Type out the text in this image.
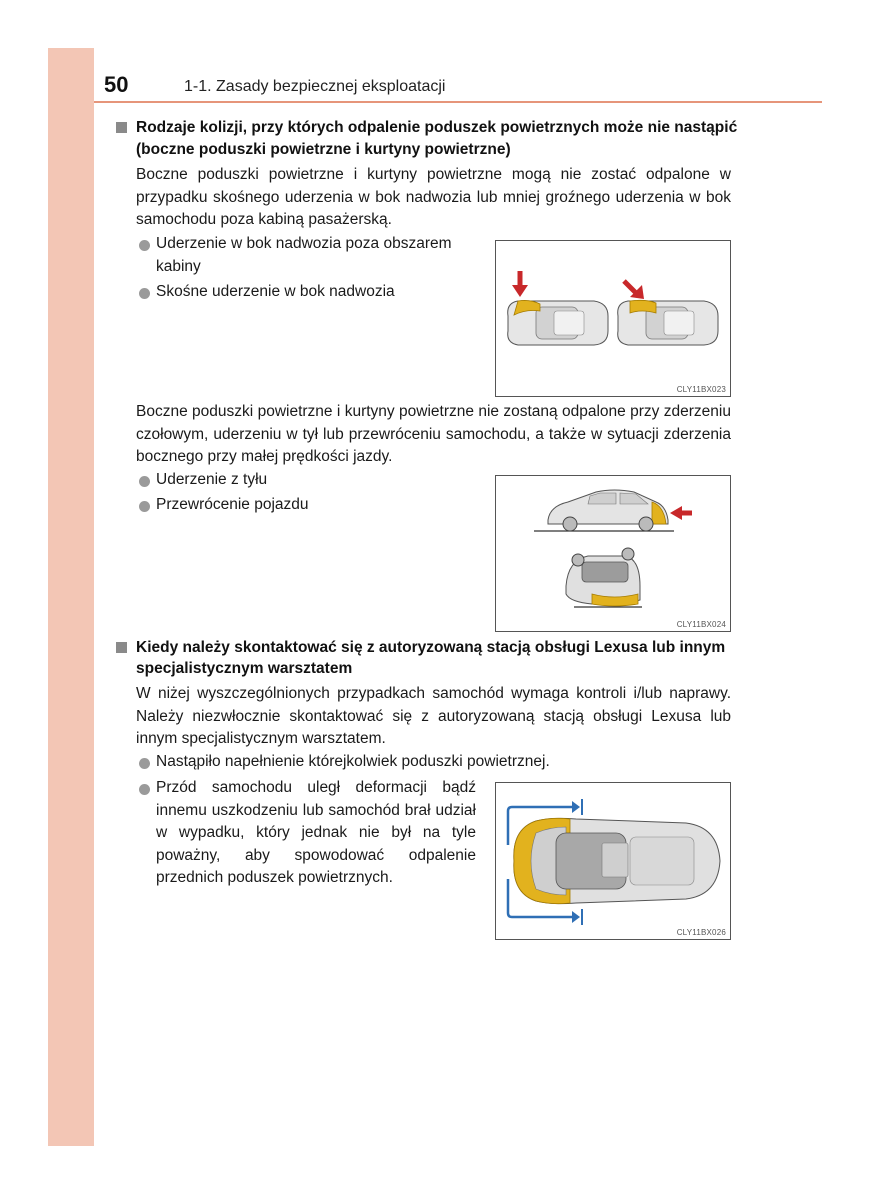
50	1-1. Zasady bezpiecznej eksploatacji
Rodzaje kolizji, przy których odpalenie poduszek powietrznych może nie nastąpić
(boczne poduszki powietrzne i kurtyny powietrzne)
Boczne poduszki powietrzne i kurtyny powietrzne mogą nie zostać odpalone w przypadku skośnego uderzenia w bok nadwozia lub mniej groźnego uderzenia w bok samochodu poza kabiną pasażerską.
Uderzenie w bok nadwozia poza obszarem kabiny
Skośne uderzenie w bok nadwozia
CLY11BX023
Boczne poduszki powietrzne i kurtyny powietrzne nie zostaną odpalone przy zderzeniu czołowym, uderzeniu w tył lub przewróceniu samochodu, a także w sytuacji zderzenia bocznego przy małej prędkości jazdy.
Uderzenie z tyłu
Przewrócenie pojazdu
CLY11BX024
Kiedy należy skontaktować się z autoryzowaną stacją obsługi Lexusa lub innym
specjalistycznym warsztatem
W niżej wyszczególnionych przypadkach samochód wymaga kontroli i/lub naprawy. Należy niezwłocznie skontaktować się z autoryzowaną stacją obsługi Lexusa lub innym specjalistycznym warsztatem.
Nastąpiło napełnienie którejkolwiek poduszki powietrznej.
Przód samochodu uległ deformacji bądź innemu uszkodzeniu lub samochód brał udział w wypadku, który jednak nie był na tyle poważny, aby spowodować odpalenie przednich poduszek powietrznych.
CLY11BX026
